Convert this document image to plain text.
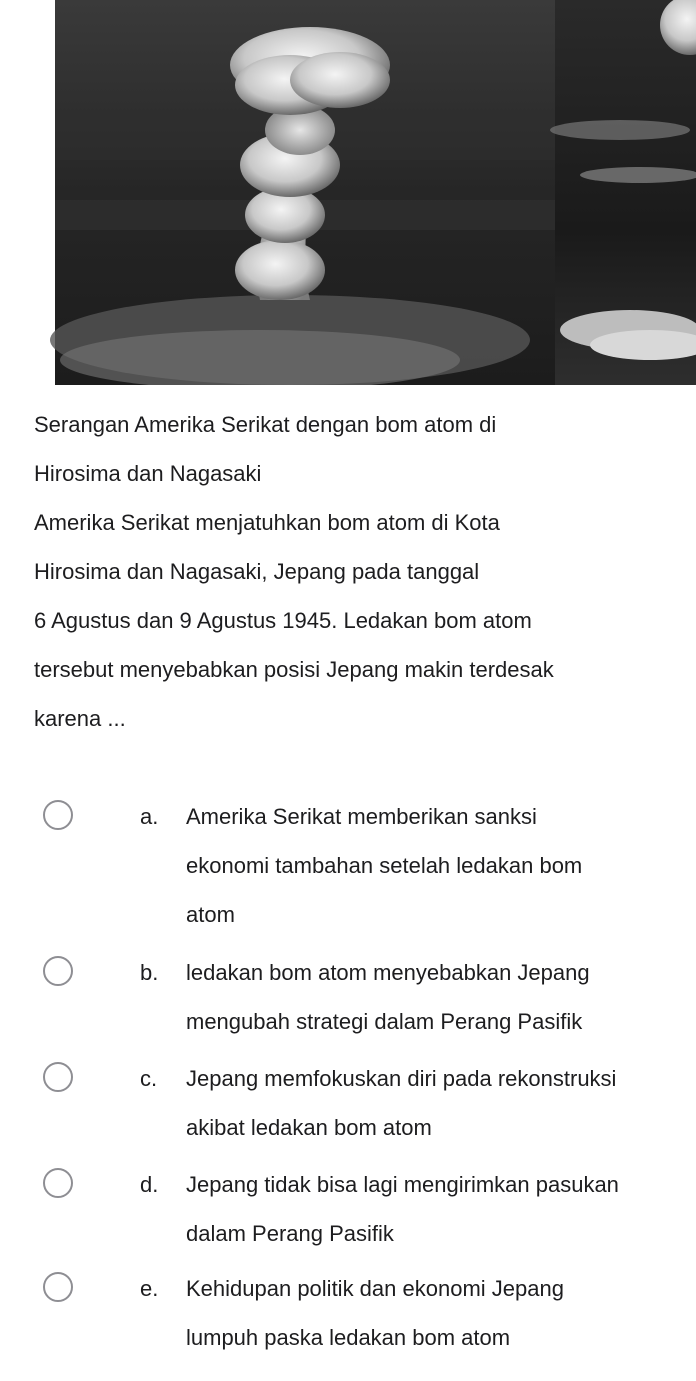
Serangan Amerika Serikat dengan bom atom di

Hirosima dan Nagasaki

Amerika Serikat menjatuhkan bom atom di Kota

Hirosima dan Nagasaki, Jepang pada tanggal

6 Agustus dan 9 Agustus 1945. Ledakan bom atom

tersebut menyebabkan posisi Jepang makin terdesak

karena ...

a. Amerika Serikat memberikan sanksi
ekonomi tambahan setelah ledakan bom
atom
b. ledakan bom atom menyebabkan Jepang
mengubah strategi dalam Perang Pasifik
c. Jepang memfokuskan diri pada rekonstruksi
akibat ledakan bom atom
d. Jepang tidak bisa lagi mengirimkan pasukan
dalam Perang Pasifik
e. Kehidupan politik dan ekonomi Jepang
lumpuh paska ledakan bom atom
